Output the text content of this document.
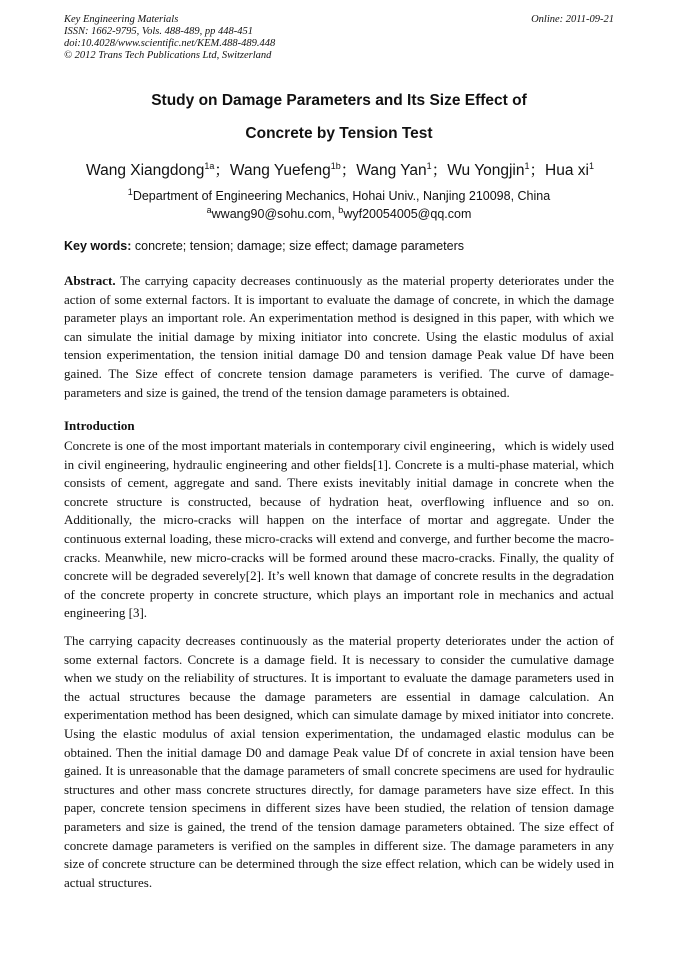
Key Engineering Materials
ISSN: 1662-9795, Vols. 488-489, pp 448-451
doi:10.4028/www.scientific.net/KEM.488-489.448
© 2012 Trans Tech Publications Ltd, Switzerland
Online: 2011-09-21
Study on Damage Parameters and Its Size Effect of
Concrete by Tension Test
Wang Xiangdong$^{1a}$；Wang Yuefeng$^{1b}$；Wang Yan$^1$；Wu Yongjin$^1$；Hua $xi^1$
$^1$Department of Engineering Mechanics, Hohai Univ., Nanjing 210098, China
$^a$wwang90@sohu.com, $^b$wyf20054005@qq.com
Key words: concrete; tension; damage; size effect; damage parameters
Abstract. The carrying capacity decreases continuously as the material property deteriorates under the action of some external factors. It is important to evaluate the damage of concrete, in which the damage parameter plays an important role. An experimentation method is designed in this paper, with which we can simulate the initial damage by mixing initiator into concrete. Using the elastic modulus of axial tension experimentation, the tension initial damage D0 and tension damage Peak value Df have been gained. The Size effect of concrete tension damage parameters is verified. The curve of damage-parameters and size is gained, the trend of the tension damage parameters is obtained.
Introduction
Concrete is one of the most important materials in contemporary civil engineering，which is widely used in civil engineering, hydraulic engineering and other fields[1]. Concrete is a multi-phase material, which consists of cement, aggregate and sand. There exists inevitably initial damage in concrete when the concrete structure is constructed, because of hydration heat, overflowing influence and so on. Additionally, the micro-cracks will happen on the interface of mortar and aggregate. Under the continuous external loading, these micro-cracks will extend and converge, and further become the macro-cracks. Meanwhile, new micro-cracks will be formed around these macro-cracks. Finally, the quality of concrete will be degraded severely[2]. It’s well known that damage of concrete results in the degradation of the concrete property in concrete structure, which plays an important role in mechanics and actual engineering [3].
The carrying capacity decreases continuously as the material property deteriorates under the action of some external factors. Concrete is a damage field. It is necessary to consider the cumulative damage when we study on the reliability of structures. It is important to evaluate the damage parameters used in the actual structures because the damage parameters are essential in damage calculation. An experimentation method has been designed, which can simulate damage by mixed initiator into concrete. Using the elastic modulus of axial tension experimentation, the undamaged elastic modulus can be obtained. Then the initial damage D0 and damage Peak value Df of concrete in axial tension have been gained. It is unreasonable that the damage parameters of small concrete specimens are used for hydraulic structures and other mass concrete structures directly, for damage parameters have size effect. In this paper, concrete tension specimens in different sizes have been studied, the relation of tension damage parameters and size is gained, the trend of the tension damage parameters obtained. The size effect of concrete damage parameters is verified on the samples in different size. The damage parameters in any size of concrete structure can be determined through the size effect relation, which can be widely used in actual structures.
